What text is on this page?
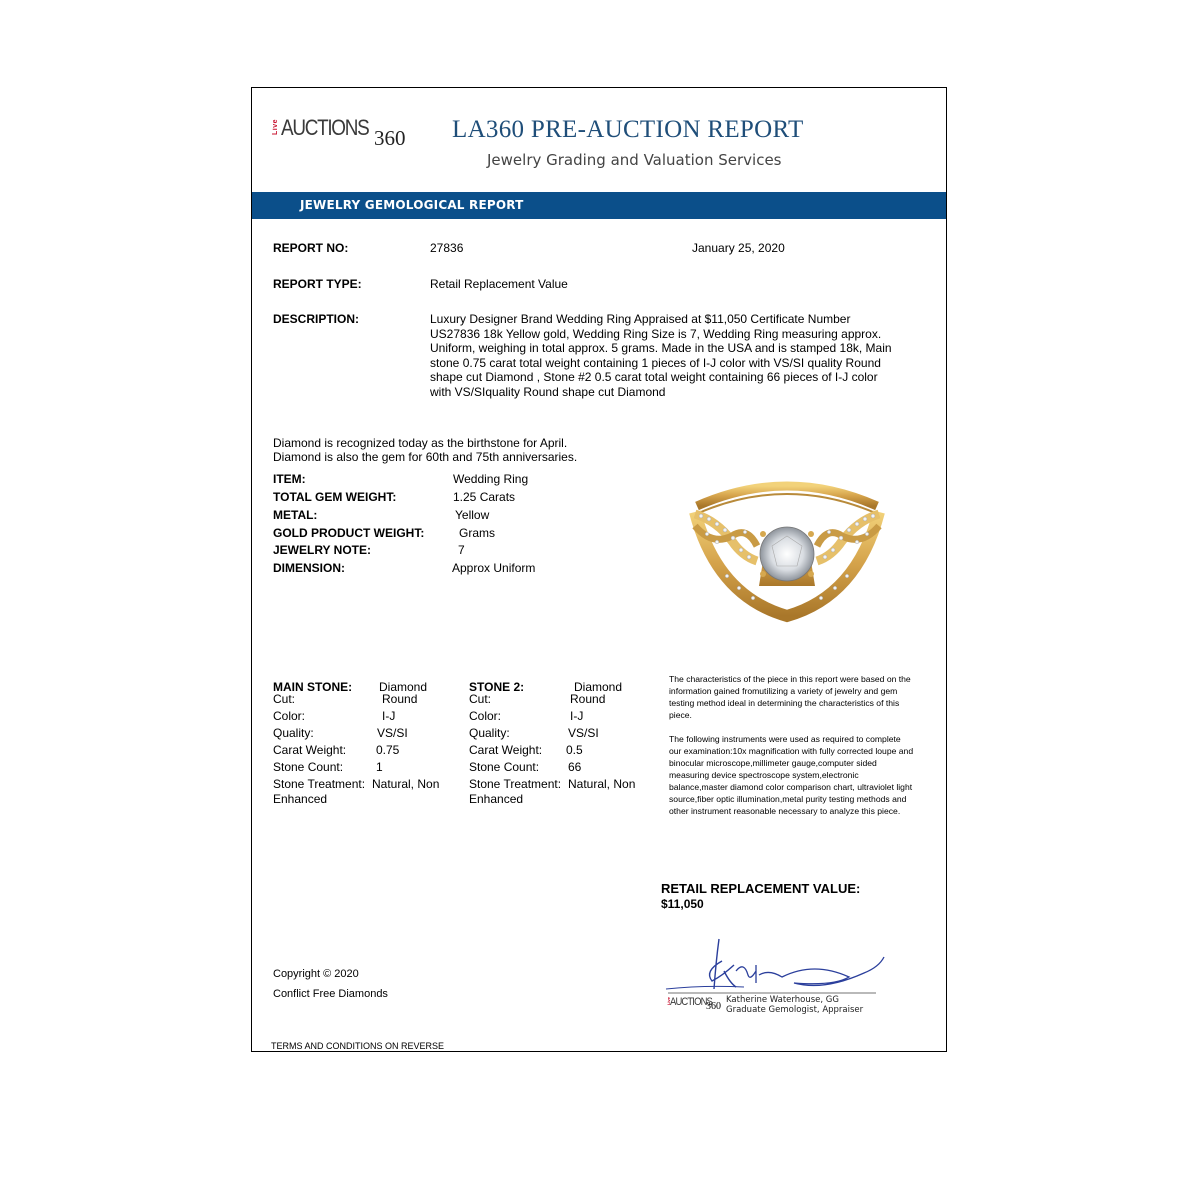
Live AUCTIONS 360 LA360 PRE-AUCTION REPORT
Jewelry Grading and Valuation Services
JEWELRY GEMOLOGICAL REPORT
REPORT NO:	27836	January 25, 2020
REPORT TYPE:	Retail Replacement Value
DESCRIPTION:	Luxury Designer Brand Wedding Ring Appraised at $11,050 Certificate Number US27836 18k Yellow gold, Wedding Ring Size is 7, Wedding Ring measuring approx. Uniform, weighing in total approx. 5 grams. Made in the USA and is stamped 18k, Main stone 0.75 carat total weight containing 1 pieces of I-J color with VS/SI quality Round shape cut Diamond , Stone #2 0.5 carat total weight containing 66 pieces of I-J color with VS/SIquality Round shape cut Diamond
Diamond is recognized today as the birthstone for April.
Diamond is also the gem for 60th and 75th anniversaries.
ITEM:	Wedding Ring
TOTAL GEM WEIGHT:	1.25 Carats
METAL:	Yellow
GOLD PRODUCT WEIGHT:	Grams
JEWELRY NOTE:	7
DIMENSION:	Approx Uniform
MAIN STONE: Diamond
Cut:	Round
Color:	I-J
Quality:	VS/SI
Carat Weight: 0.75
Stone Count:	1
Stone Treatment: Natural, Non
Enhanced
STONE 2:	Diamond
Cut:	Round
Color:	I-J
Quality:	VS/SI
Carat Weight: 0.5
Stone Count: 66
Stone Treatment: Natural, Non
Enhanced
The characteristics of the piece in this report were based on the information gained fromutilizing a variety of jewelry and gem testing method ideal in determining the characteristics of this piece.
The following instruments were used as required to complete our examination:10x magnification with fully corrected loupe and binocular microscope,millimeter gauge,computer sided measuring device spectroscope system,electronic balance,master diamond color comparison chart, ultraviolet light source,fiber optic illumination,metal purity testing methods and other instrument reasonable necessary to analyze this piece.
RETAIL REPLACEMENT VALUE:
$11,050
Live AUCTIONS
360
Katherine Waterhouse, GG
Graduate Gemologist, Appraiser
Copyright © 2020
Conflict Free Diamonds
TERMS AND CONDITIONS ON REVERSE
